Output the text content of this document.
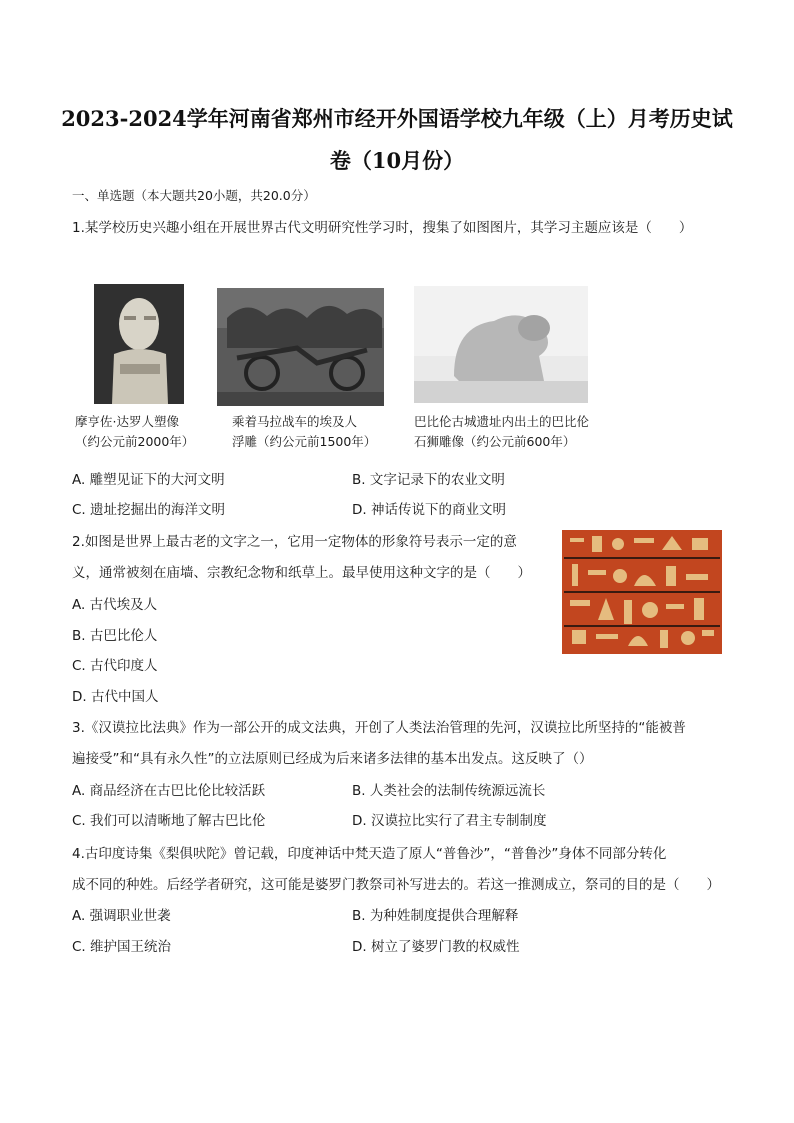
2023-2024学年河南省郑州市经开外国语学校九年级（上）月考历史试
卷（10月份）
一、单选题（本大题共20小题，共20.0分）
1.某学校历史兴趣小组在开展世界古代文明研究性学习时，搜集了如图图片，其学习主题应该是（　　）
摩亨佐·达罗人塑像
（约公元前2000年）
乘着马拉战车的埃及人
浮雕（约公元前1500年）
巴比伦古城遗址内出土的巴比伦
石狮雕像（约公元前600年）
A. 雕塑见证下的大河文明	B. 文字记录下的农业文明
C. 遗址挖掘出的海洋文明	D. 神话传说下的商业文明
2.如图是世界上最古老的文字之一，它用一定物体的形象符号表示一定的意
义，通常被刻在庙墙、宗教纪念物和纸草上。最早使用这种文字的是（　　）
A. 古代埃及人
B. 古巴比伦人
C. 古代印度人
D. 古代中国人
3.《汉谟拉比法典》作为一部公开的成文法典，开创了人类法治管理的先河，汉谟拉比所坚持的“能被普
遍接受”和“具有永久性”的立法原则已经成为后来诸多法律的基本出发点。这反映了（）
A. 商品经济在古巴比伦比较活跃	B. 人类社会的法制传统源远流长
C. 我们可以清晰地了解古巴比伦	D. 汉谟拉比实行了君主专制制度
4.古印度诗集《梨俱吠陀》曾记载，印度神话中梵天造了原人“普鲁沙”，“普鲁沙”身体不同部分转化
成不同的种姓。后经学者研究，这可能是婆罗门教祭司补写进去的。若这一推测成立，祭司的目的是（　　）
A. 强调职业世袭	B. 为种姓制度提供合理解释
C. 维护国王统治	D. 树立了婆罗门教的权威性
